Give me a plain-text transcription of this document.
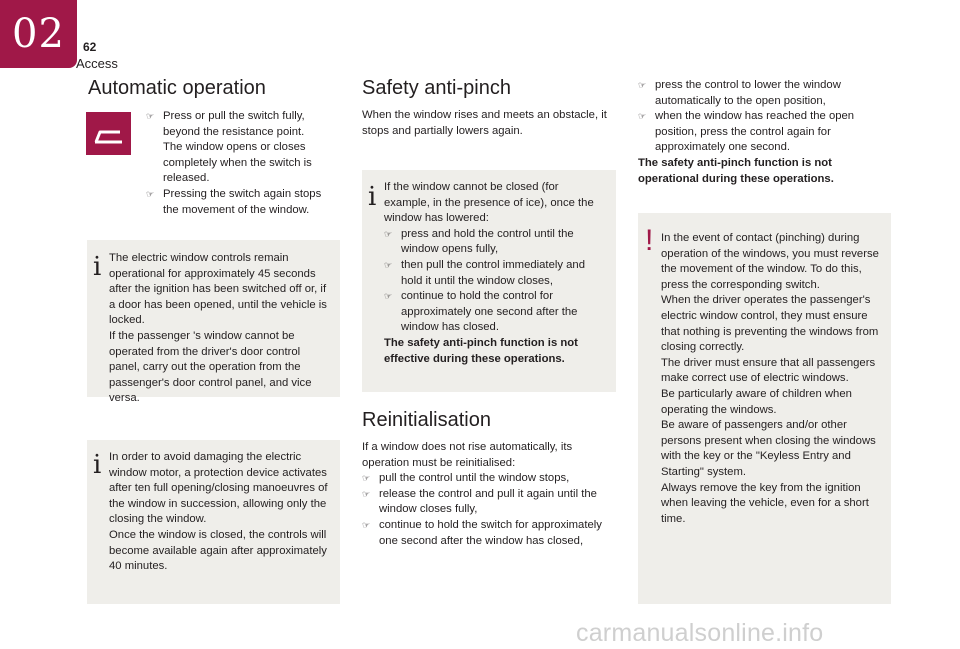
02 62
Access
Automatic operation

☞ Press or pull the switch fully, beyond the resistance point. The window opens or closes completely when the switch is released.

☞ Pressing the switch again stops the movement of the window.

i The electric window controls remain operational for approximately 45 seconds after the ignition has been switched off or, if a door has been opened, until the vehicle is locked.

If the passenger 's window cannot be operated from the driver's door control panel, carry out the operation from the passenger's door control panel, and vice versa.

i In order to avoid damaging the electric window motor, a protection device activates after ten full opening/closing manoeuvres of the window in succession, allowing only the closing the window.

Once the window is closed, the controls will become available again after approximately 40 minutes.

Safety anti-pinch
When the window rises and meets an obstacle, it stops and partially lowers again.
i If the window cannot be closed (for example, in the presence of ice), once the window has lowered:

☞ press and hold the control until the window opens fully,

☞ then pull the control immediately and hold it until the window closes,

☞ continue to hold the control for approximately one second after the window has closed.

The safety anti-pinch function is not effective during these operations.

Reinitialisation

If a window does not rise automatically, its operation must be reinitialised:

☞ pull the control until the window stops,

☞ release the control and pull it again until the window closes fully,

☞ continue to hold the switch for approximately one second after the window has closed,

☞ press the control to lower the window automatically to the open position,

☞ when the window has reached the open position, press the control again for approximately one second.

The safety anti-pinch function is not operational during these operations.

! In the event of contact (pinching) during operation of the windows, you must reverse the movement of the window. To do this, press the corresponding switch.

When the driver operates the passenger's electric window control, they must ensure that nothing is preventing the windows from closing correctly.

The driver must ensure that all passengers make correct use of electric windows.

Be particularly aware of children when operating the windows.

Be aware of passengers and/or other persons present when closing the windows with the key or the "Keyless Entry and Starting" system.

Always remove the key from the ignition when leaving the vehicle, even for a short time.

carmanualsonline.info
